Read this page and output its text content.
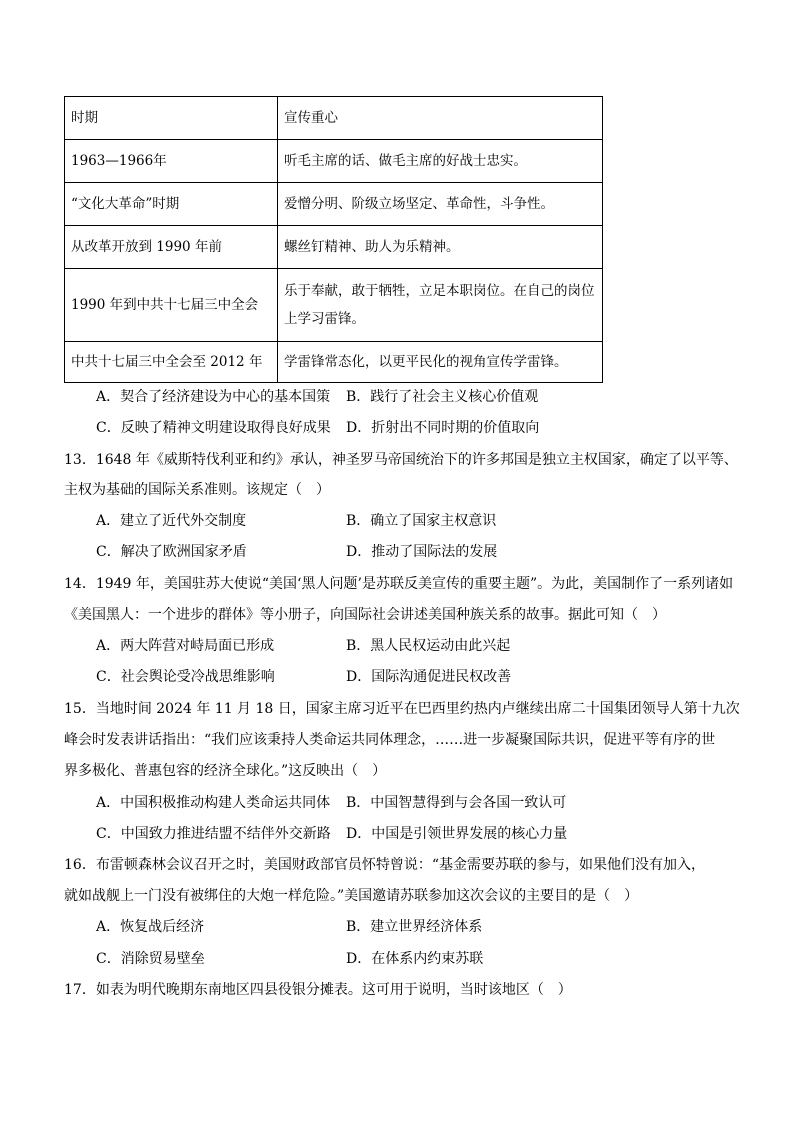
时期	宣传重心
1963—1966年	听毛主席的话、做毛主席的好战士忠实。
“文化大革命”时期	爱憎分明、阶级立场坚定、革命性，斗争性。
从改革开放到 1990 年前	螺丝钉精神、助人为乐精神。
1990 年到中共十七届三中全会	乐于奉献，敢于牺牲，立足本职岗位。在自己的岗位上学习雷锋。
中共十七届三中全会至 2012 年	学雷锋常态化，以更平民化的视角宣传学雷锋。
A．契合了经济建设为中心的基本国策 B．践行了社会主义核心价值观
C．反映了精神文明建设取得良好成果 D．折射出不同时期的价值取向
13．1648 年《威斯特伐利亚和约》承认，神圣罗马帝国统治下的许多邦国是独立主权国家，确定了以平等、
主权为基础的国际关系准则。该规定（　）
A．建立了近代外交制度	B．确立了国家主权意识
C．解决了欧洲国家矛盾	D．推动了国际法的发展
14．1949 年，美国驻苏大使说“美国‘黑人问题’是苏联反美宣传的重要主题”。为此，美国制作了一系列诸如
《美国黑人：一个进步的群体》等小册子，向国际社会讲述美国种族关系的故事。据此可知（　）
A．两大阵营对峙局面已形成	B．黑人民权运动由此兴起
C．社会舆论受冷战思维影响	D．国际沟通促进民权改善
15．当地时间 2024 年 11 月 18 日，国家主席习近平在巴西里约热内卢继续出席二十国集团领导人第十九次
峰会时发表讲话指出：“我们应该秉持人类命运共同体理念，……进一步凝聚国际共识，促进平等有序的世
界多极化、普惠包容的经济全球化。”这反映出（　）
A．中国积极推动构建人类命运共同体 B．中国智慧得到与会各国一致认可
C．中国致力推进结盟不结伴外交新路 D．中国是引领世界发展的核心力量
16．布雷顿森林会议召开之时，美国财政部官员怀特曾说：“基金需要苏联的参与，如果他们没有加入，
就如战舰上一门没有被绑住的大炮一样危险。”美国邀请苏联参加这次会议的主要目的是（　）
A．恢复战后经济	B．建立世界经济体系
C．消除贸易壁垒	D．在体系内约束苏联
17．如表为明代晚期东南地区四县役银分摊表。这可用于说明，当时该地区（　）
